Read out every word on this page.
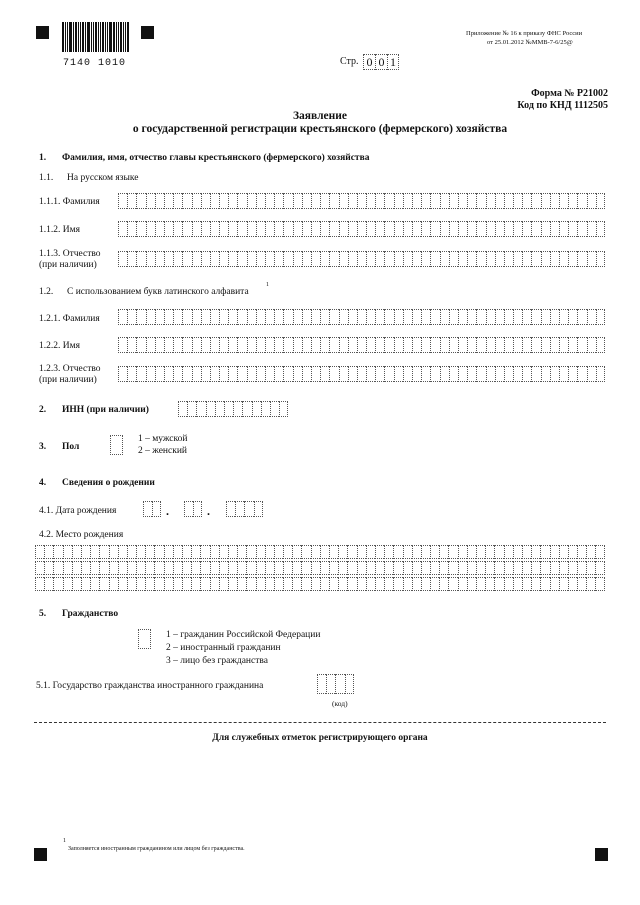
7140 1010	Стр. 0 0 1
Приложение № 16 к приказу ФНС России
от 25.01.2012 №ММВ-7-6/25@
Форма № Р21002
Код по КНД 1112505
Заявление
о государственной регистрации крестьянского (фермерского) хозяйства
1. Фамилия, имя, отчество главы крестьянского (фермерского) хозяйства
1.1. На русском языке
1.1.1. Фамилия
1.1.2. Имя
1.1.3. Отчество
(при наличии)
1.2. С использованием букв латинского алфавита
1
1.2.1. Фамилия
1.2.2. Имя
1.2.3. Отчество
(при наличии)
2. ИНН (при наличии)
3. Пол
1 – мужской
2 – женский
4. Сведения о рождении
4.1. Дата рождения	.	.
4.2. Место рождения
5. Гражданство
1 – гражданин Российской Федерации
2 – иностранный гражданин
3 – лицо без гражданства
5.1. Государство гражданства иностранного гражданина
(код)
Для служебных отметок регистрирующего органа
1
Заполняется иностранным гражданином или лицом без гражданства.
